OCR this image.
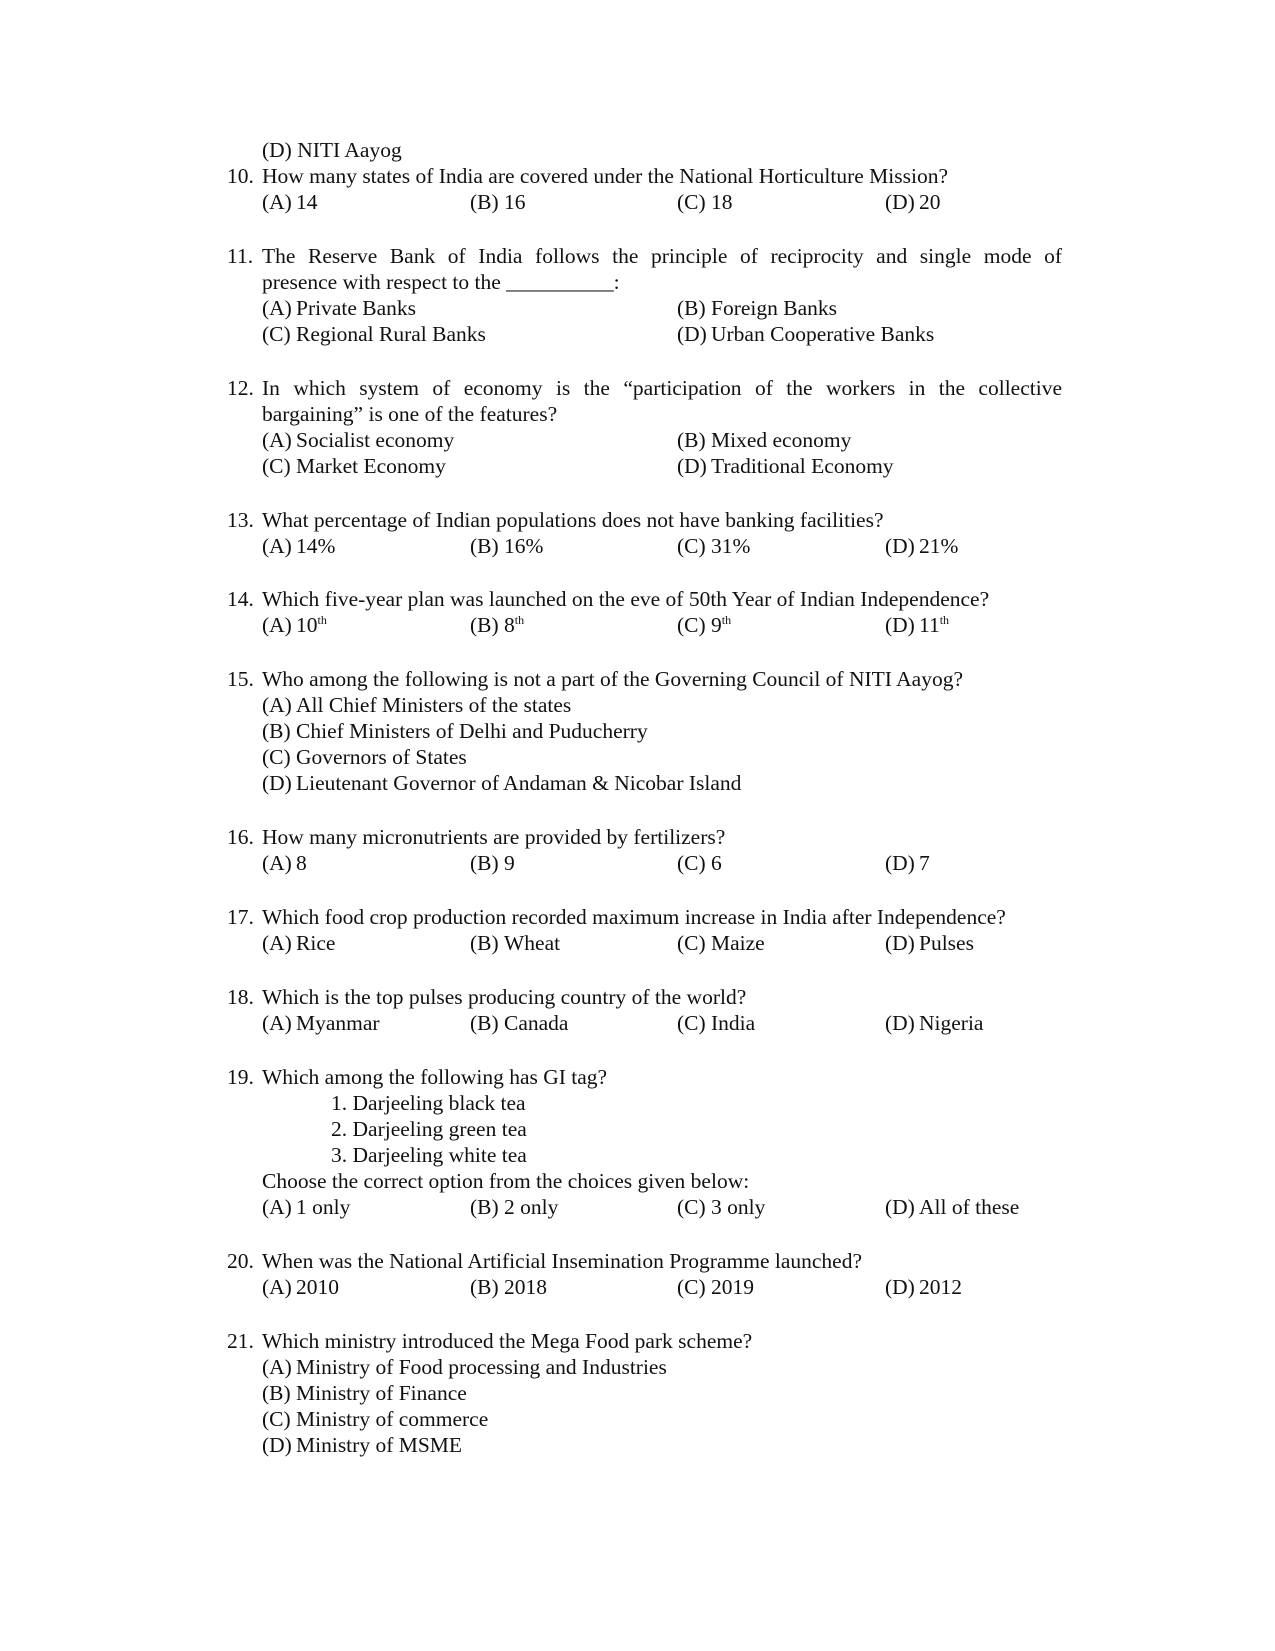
(D) NITI Aayog
10. How many states of India are covered under the National Horticulture Mission?
(A) 14	(B) 16	(C) 18	(D) 20
11. The Reserve Bank of India follows the principle of reciprocity and single mode of
presence with respect to the __________:
(A) Private Banks	(B) Foreign Banks
(C) Regional Rural Banks	(D) Urban Cooperative Banks
12. In which system of economy is the “participation of the workers in the collective
bargaining” is one of the features?
(A) Socialist economy	(B) Mixed economy
(C) Market Economy	(D) Traditional Economy
13. What percentage of Indian populations does not have banking facilities?
(A) 14%	(B) 16%	(C) 31%	(D) 21%
14. Which five-year plan was launched on the eve of 50th Year of Indian Independence?
(A) 10th	(B) 8th	(C) 9th	(D) 11th
15. Who among the following is not a part of the Governing Council of NITI Aayog?
(A) All Chief Ministers of the states
(B) Chief Ministers of Delhi and Puducherry
(C) Governors of States
(D) Lieutenant Governor of Andaman & Nicobar Island
16. How many micronutrients are provided by fertilizers?
(A) 8	(B) 9	(C) 6	(D) 7
17. Which food crop production recorded maximum increase in India after Independence?
(A) Rice	(B) Wheat	(C) Maize	(D) Pulses
18. Which is the top pulses producing country of the world?
(A) Myanmar	(B) Canada	(C) India	(D) Nigeria
19. Which among the following has GI tag?
1. Darjeeling black tea
2. Darjeeling green tea
3. Darjeeling white tea
Choose the correct option from the choices given below:
(A) 1 only	(B) 2 only	(C) 3 only	(D) All of these
20. When was the National Artificial Insemination Programme launched?
(A) 2010	(B) 2018	(C) 2019	(D) 2012
21. Which ministry introduced the Mega Food park scheme?
(A) Ministry of Food processing and Industries
(B) Ministry of Finance
(C) Ministry of commerce
(D) Ministry of MSME
